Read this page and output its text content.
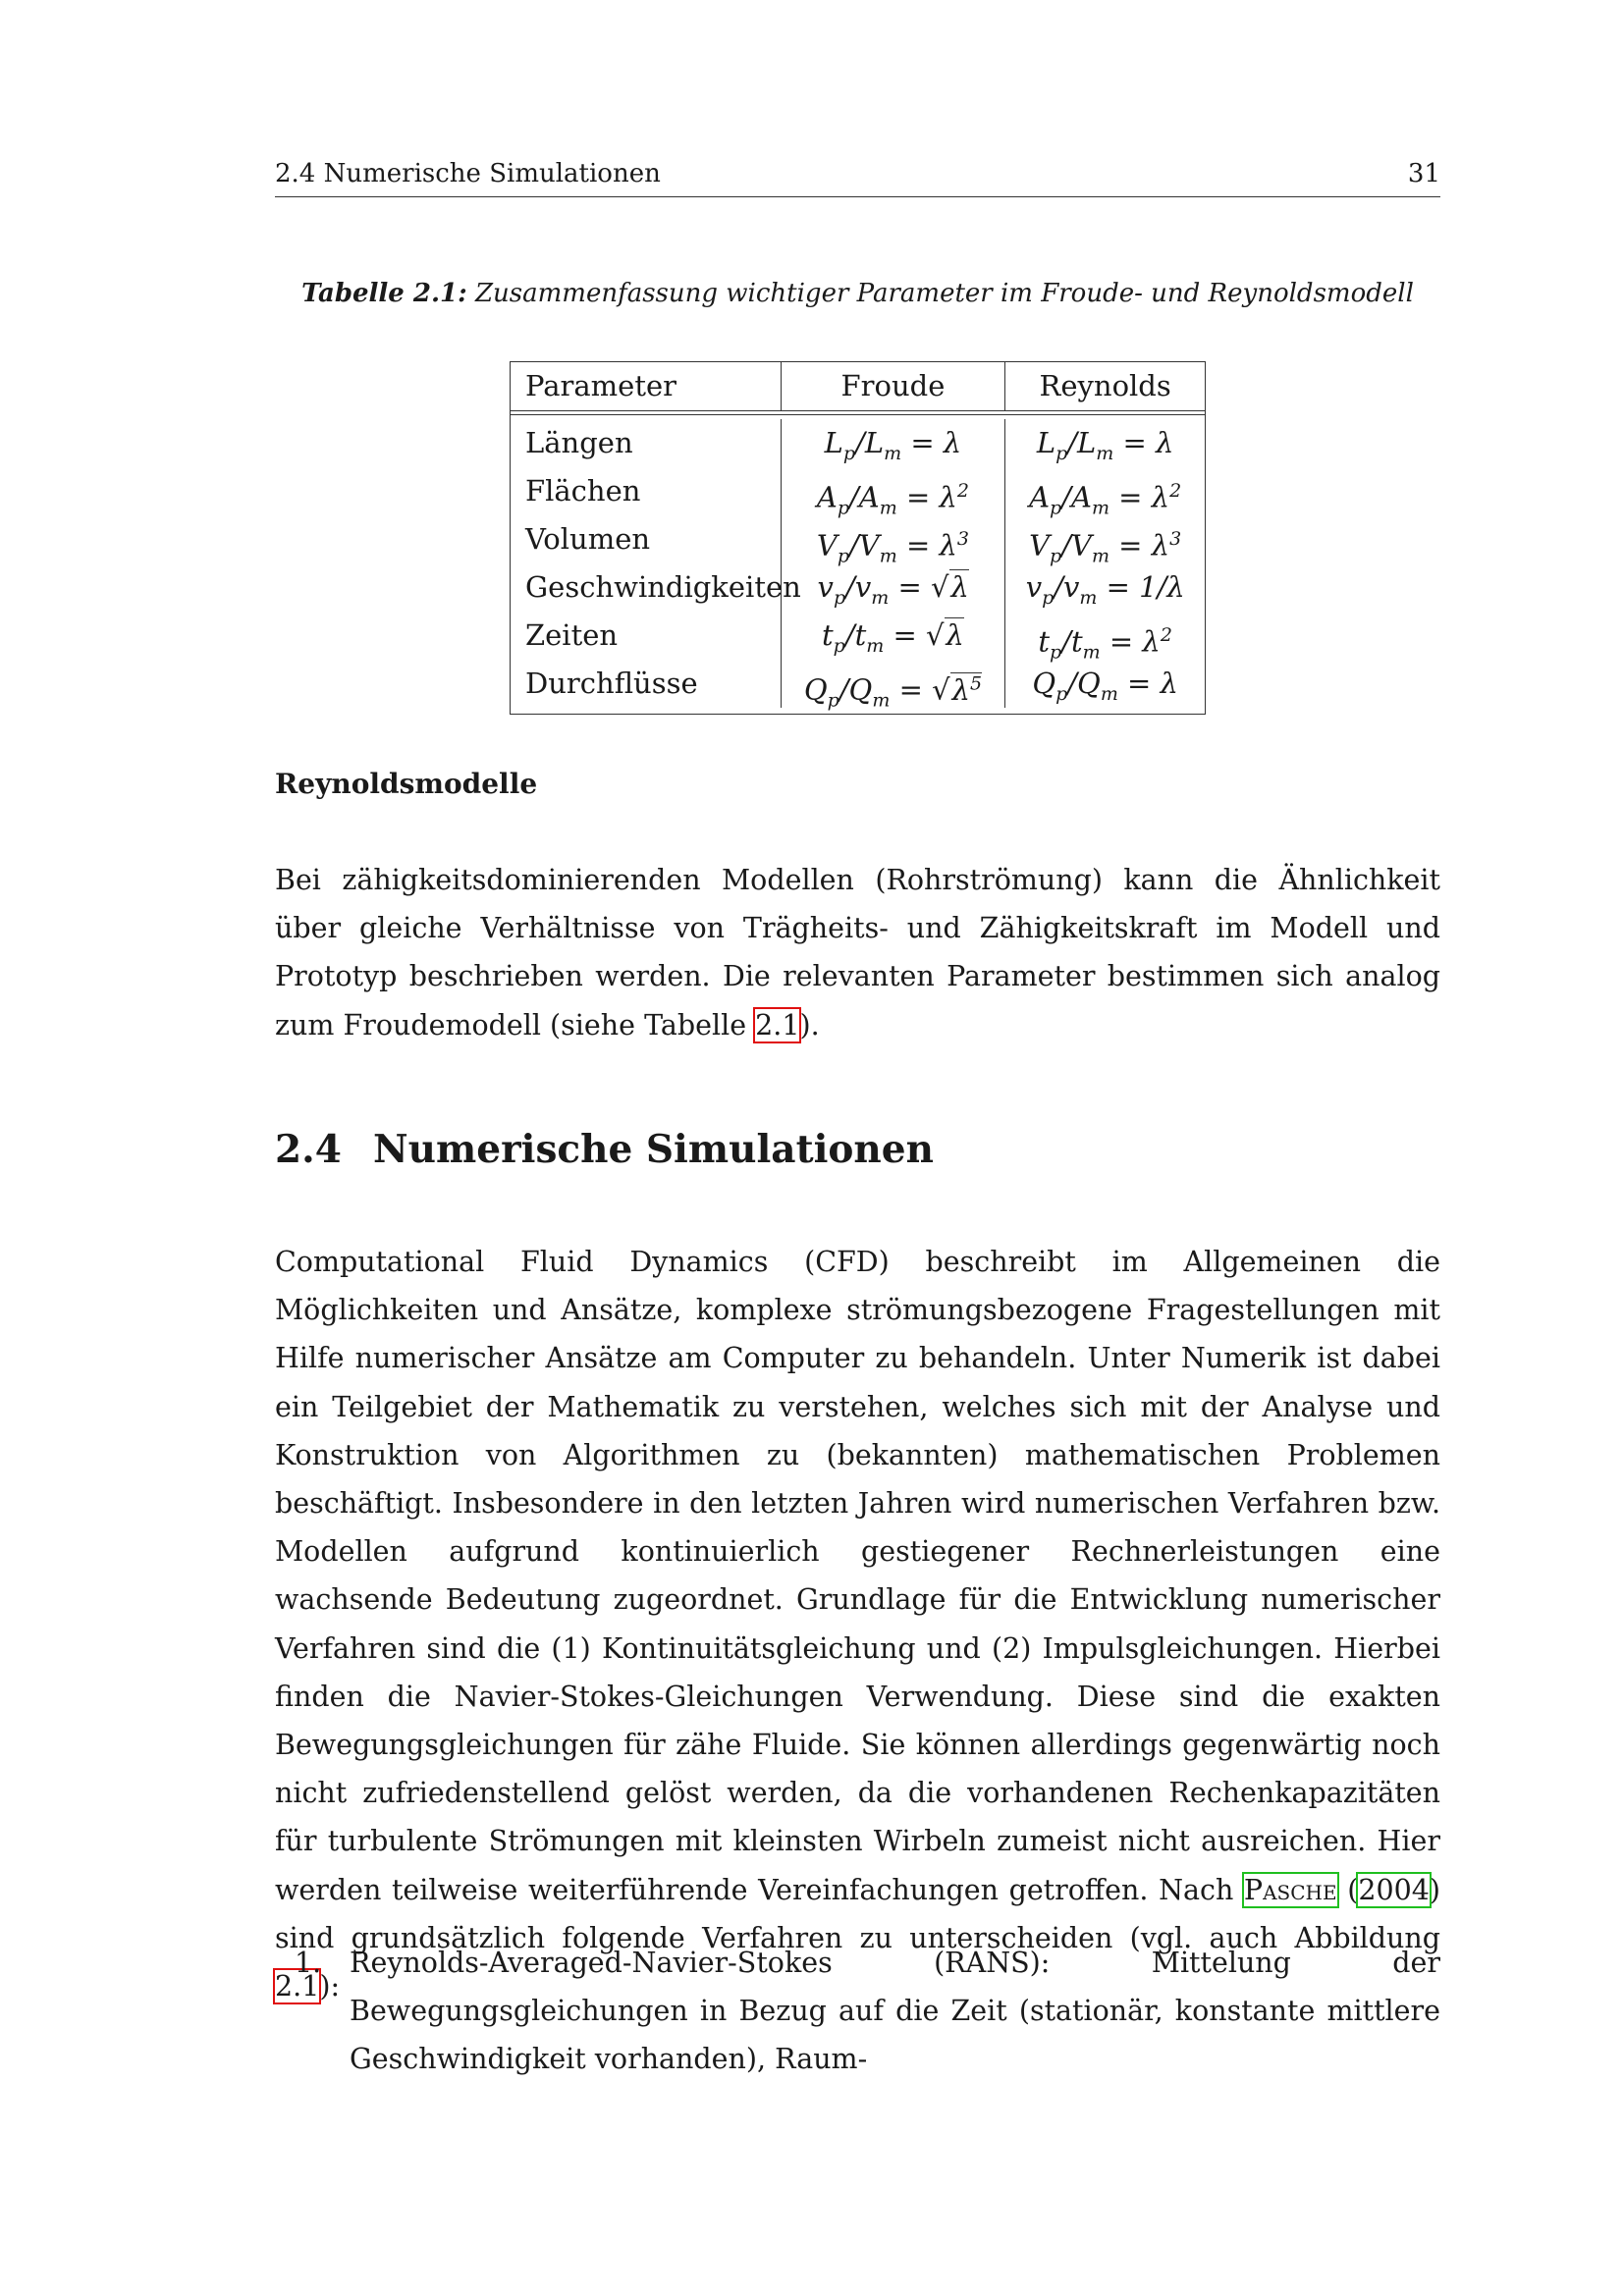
2.4 Numerische Simulationen	31
Tabelle 2.1: Zusammenfassung wichtiger Parameter im Froude- und Reynoldsmodell
Parameter	Froude	Reynolds
Längen	$L_p/L_m = \lambda$	$L_p/L_m = \lambda$
Flächen	$A_p/A_m = \lambda^2$	$A_p/A_m = \lambda^2$
Volumen	$V_p/V_m = \lambda^3$	$V_p/V_m = \lambda^3$
Geschwindigkeiten $v_p/v_m = √\lambda$	$v_p/v_m = 1/\lambda$
Zeiten	$t_p/t_m = √\lambda$	$t_p/t_m = \lambda^2$
Durchflüsse	$Q_p/Q_m = √\lambda^5$	$Q_p/Q_m = \lambda$
Reynoldsmodelle
Bei zähigkeitsdominierenden Modellen (Rohrströmung) kann die Ähnlichkeit über gleiche Verhältnisse von Trägheits- und Zähigkeitskraft im Modell und Prototyp beschrieben werden. Die relevanten Parameter bestimmen sich analog zum Froudemodell (siehe Tabelle 2.1).
2.4 Numerische Simulationen
Computational Fluid Dynamics (CFD) beschreibt im Allgemeinen die Möglichkeiten und Ansätze, komplexe strömungsbezogene Fragestellungen mit Hilfe numerischer Ansätze am Computer zu behandeln. Unter Numerik ist dabei ein Teilgebiet der Mathematik zu verstehen, welches sich mit der Analyse und Konstruktion von Algorithmen zu (bekannten) mathematischen Problemen beschäftigt. Insbesondere in den letzten Jahren wird numerischen Verfahren bzw. Modellen aufgrund kontinuierlich gestiegener Rechnerleistungen eine wachsende Bedeutung zugeordnet. Grundlage für die Entwicklung numerischer Verfahren sind die (1) Kontinuitätsgleichung und (2) Impulsgleichungen. Hierbei finden die Navier-Stokes-Gleichungen Verwendung. Diese sind die exakten Bewegungsgleichungen für zähe Fluide. Sie können allerdings gegenwärtig noch nicht zufriedenstellend gelöst werden, da die vorhandenen Rechenkapazitäten für turbulente Strömungen mit kleinsten Wirbeln zumeist nicht ausreichen. Hier werden teilweise weiterführende Vereinfachungen getroffen. Nach Pasche (2004) sind grundsätzlich folgende Verfahren zu unterscheiden (vgl. auch Abbildung 2.1):
1.	Reynolds-Averaged-Navier-Stokes (RANS): Mittelung der Bewegungsgleichungen in Bezug auf die Zeit (stationär, konstante mittlere Geschwindigkeit vorhanden), Raum-
